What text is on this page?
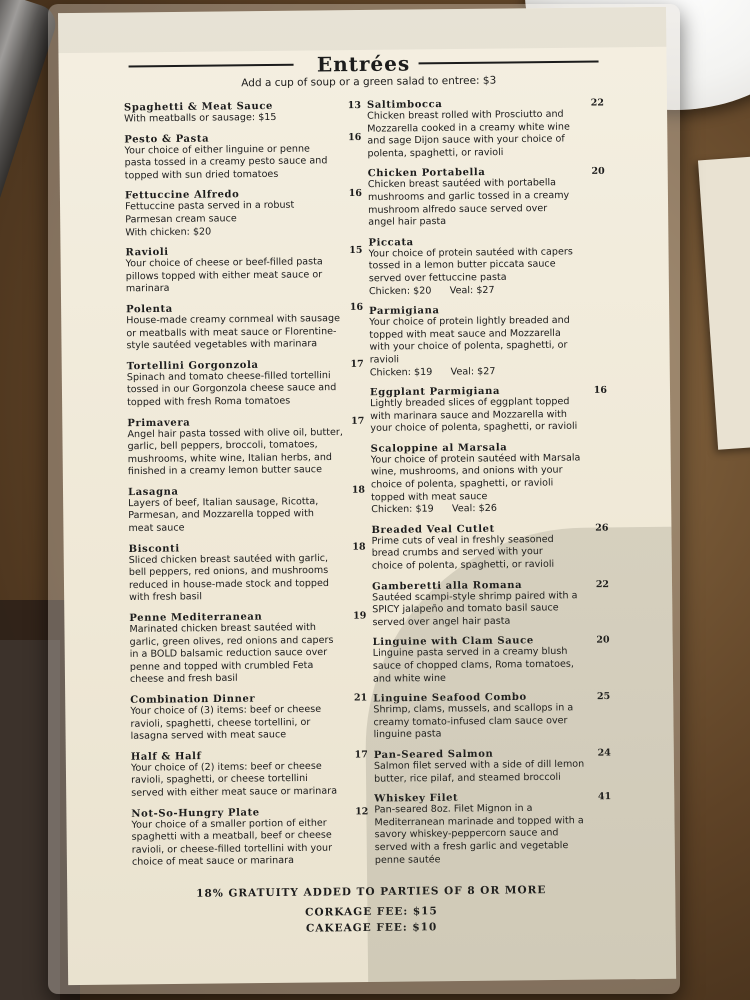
Entrées
Add a cup of soup or a green salad to entree: $3
Spaghetti & Meat Sauce	13
With meatballs or sausage: $15
Pesto & Pasta	16
Your choice of either linguine or penne
pasta tossed in a creamy pesto sauce and
topped with sun dried tomatoes
Fettuccine Alfredo	16
Fettuccine pasta served in a robust
Parmesan cream sauce
With chicken: $20
Ravioli	15
Your choice of cheese or beef-filled pasta
pillows topped with either meat sauce or
marinara
Polenta	16
House-made creamy cornmeal with sausage
or meatballs with meat sauce or Florentine-
style sautéed vegetables with marinara
Tortellini Gorgonzola	17
Spinach and tomato cheese-filled tortellini
tossed in our Gorgonzola cheese sauce and
topped with fresh Roma tomatoes
Primavera	17
Angel hair pasta tossed with olive oil, butter,
garlic, bell peppers, broccoli, tomatoes,
mushrooms, white wine, Italian herbs, and
finished in a creamy lemon butter sauce
Lasagna	18
Layers of beef, Italian sausage, Ricotta,
Parmesan, and Mozzarella topped with
meat sauce
Bisconti	18
Sliced chicken breast sautéed with garlic,
bell peppers, red onions, and mushrooms
reduced in house-made stock and topped
with fresh basil
Penne Mediterranean	19
Marinated chicken breast sautéed with
garlic, green olives, red onions and capers
in a BOLD balsamic reduction sauce over
penne and topped with crumbled Feta
cheese and fresh basil
Combination Dinner	21
Your choice of (3) items: beef or cheese
ravioli, spaghetti, cheese tortellini, or
lasagna served with meat sauce
Half & Half	17
Your choice of (2) items: beef or cheese
ravioli, spaghetti, or cheese tortellini
served with either meat sauce or marinara
Not-So-Hungry Plate	12
Your choice of a smaller portion of either
spaghetti with a meatball, beef or cheese
ravioli, or cheese-filled tortellini with your
choice of meat sauce or marinara
Saltimbocca	22
Chicken breast rolled with Prosciutto and
Mozzarella cooked in a creamy white wine
and sage Dijon sauce with your choice of
polenta, spaghetti, or ravioli
Chicken Portabella	20
Chicken breast sautéed with portabella
mushrooms and garlic tossed in a creamy
mushroom alfredo sauce served over
angel hair pasta
Piccata
Your choice of protein sautéed with capers
tossed in a lemon butter piccata sauce
served over fettuccine pasta
Chicken: $20      Veal: $27
Parmigiana
Your choice of protein lightly breaded and
topped with meat sauce and Mozzarella
with your choice of polenta, spaghetti, or
ravioli
Chicken: $19      Veal: $27
Eggplant Parmigiana	16
Lightly breaded slices of eggplant topped
with marinara sauce and Mozzarella with
your choice of polenta, spaghetti, or ravioli
Scaloppine al Marsala
Your choice of protein sautéed with Marsala
wine, mushrooms, and onions with your
choice of polenta, spaghetti, or ravioli
topped with meat sauce
Chicken: $19      Veal: $26
Breaded Veal Cutlet	26
Prime cuts of veal in freshly seasoned
bread crumbs and served with your
choice of polenta, spaghetti, or ravioli
Gamberetti alla Romana	22
Sautéed scampi-style shrimp paired with a
SPICY jalapeño and tomato basil sauce
served over angel hair pasta
Linguine with Clam Sauce	20
Linguine pasta served in a creamy blush
sauce of chopped clams, Roma tomatoes,
and white wine
Linguine Seafood Combo	25
Shrimp, clams, mussels, and scallops in a
creamy tomato-infused clam sauce over
linguine pasta
Pan-Seared Salmon	24
Salmon filet served with a side of dill lemon
butter, rice pilaf, and steamed broccoli
Whiskey Filet	41
Pan-seared 8oz. Filet Mignon in a
Mediterranean marinade and topped with a
savory whiskey-peppercorn sauce and
served with a fresh garlic and vegetable
penne sautée
18% GRATUITY ADDED TO PARTIES OF 8 OR MORE
CORKAGE FEE: $15
CAKEAGE FEE: $10
